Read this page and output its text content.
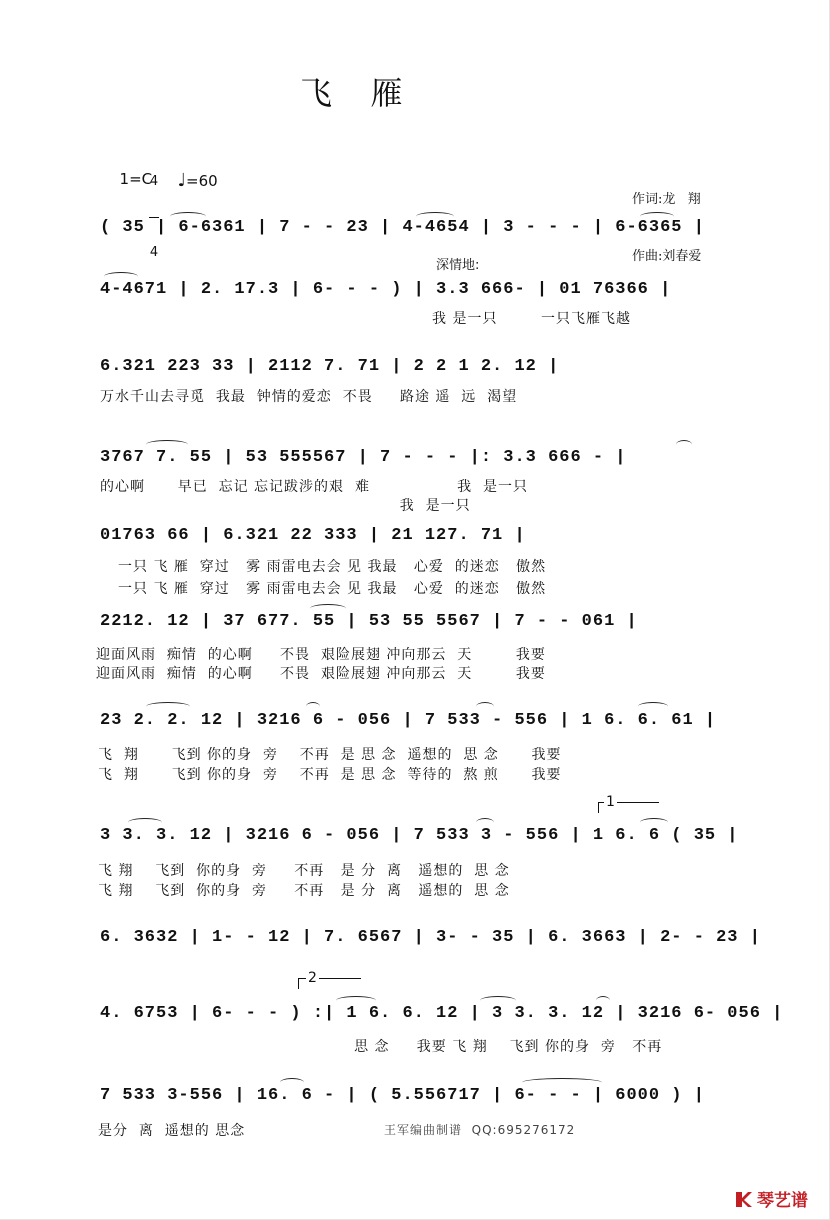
飞   雁

1=C

4

4

♩=60

作词:龙   翔

作曲:刘春爱

( 35 | 6-6361 | 7 - - 23 | 4-4654 | 3 - - - | 6-6365 |
深情地:
4-4671 | 2. 17.3 | 6- - - ) | 3.3 666- | 01 76366 |
我 是一只        一只飞雁飞越
6.321 223 33 | 2112 7. 71 | 2 2 1 2. 12 |
万水千山去寻觅  我最  钟情的爱恋  不畏     路途 遥  远  渴望
3767 7. 55 | 53 555567 | 7 - - - |: 3.3 666 - |
的心啊      早已  忘记 忘记跋涉的艰  难                我  是一只
我  是一只
01763 66 | 6.321 22 333 | 21 127. 71 |
一只 飞 雁  穿过   雾 雨雷电去会 见 我最   心爱  的迷恋   傲然
一只 飞 雁  穿过   雾 雨雷电去会 见 我最   心爱  的迷恋   傲然
2212. 12 | 37 677. 55 | 53 55 5567 | 7 - - 061 |
迎面风雨  痴情  的心啊     不畏  艰险展翅 冲向那云  天        我要
迎面风雨  痴情  的心啊     不畏  艰险展翅 冲向那云  天        我要
23 2. 2. 12 | 3216 6 - 056 | 7 533 - 556 | 1 6. 6. 61 |
飞  翔      飞到 你的身  旁    不再  是 思 念  遥想的  思 念      我要
飞  翔      飞到 你的身  旁    不再  是 思 念  等待的  熬 煎      我要
1
3 3. 3. 12 | 3216 6 - 056 | 7 533 3 - 556 | 1 6. 6 ( 35 |
飞 翔    飞到  你的身  旁     不再   是 分  离   遥想的  思 念
飞 翔    飞到  你的身  旁     不再   是 分  离   遥想的  思 念
6. 3632 | 1- - 12 | 7. 6567 | 3- - 35 | 6. 3663 | 2- - 23 |
2
4. 6753 | 6- - - ) :| 1 6. 6. 12 | 3 3. 3. 12 | 3216 6- 056 |
思 念     我要 飞 翔    飞到 你的身  旁   不再
7 533 3-556 | 16. 6 - | ( 5.556717 | 6- - - | 6000 ) |
是分  离  遥想的 思念	王军编曲制谱  QQ:695276172
琴艺谱
